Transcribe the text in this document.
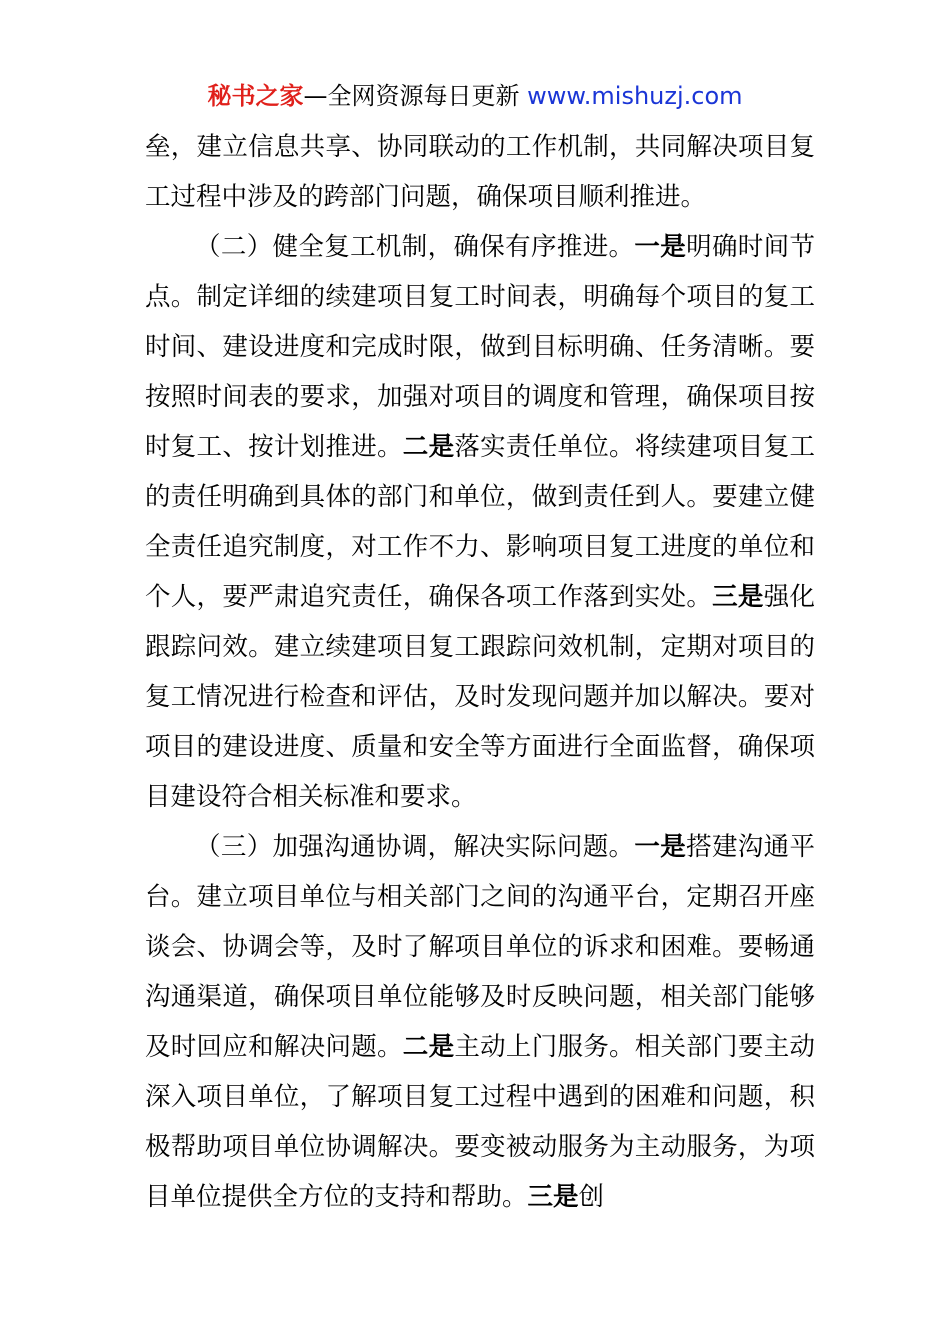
秘书之家—全网资源每日更新 www.mishuzj.com

垒，建立信息共享、协同联动的工作机制，共同解决项目复工过程中涉及的跨部门问题，确保项目顺利推进。

（二）健全复工机制，确保有序推进。一是明确时间节点。制定详细的续建项目复工时间表，明确每个项目的复工时间、建设进度和完成时限，做到目标明确、任务清晰。要按照时间表的要求，加强对项目的调度和管理，确保项目按时复工、按计划推进。二是落实责任单位。将续建项目复工的责任明确到具体的部门和单位，做到责任到人。要建立健全责任追究制度，对工作不力、影响项目复工进度的单位和个人，要严肃追究责任，确保各项工作落到实处。三是强化跟踪问效。建立续建项目复工跟踪问效机制，定期对项目的复工情况进行检查和评估，及时发现问题并加以解决。要对项目的建设进度、质量和安全等方面进行全面监督，确保项目建设符合相关标准和要求。

（三）加强沟通协调，解决实际问题。一是搭建沟通平台。建立项目单位与相关部门之间的沟通平台，定期召开座谈会、协调会等，及时了解项目单位的诉求和困难。要畅通沟通渠道，确保项目单位能够及时反映问题，相关部门能够及时回应和解决问题。二是主动上门服务。相关部门要主动深入项目单位，了解项目复工过程中遇到的困难和问题，积极帮助项目单位协调解决。要变被动服务为主动服务，为项目单位提供全方位的支持和帮助。三是创
